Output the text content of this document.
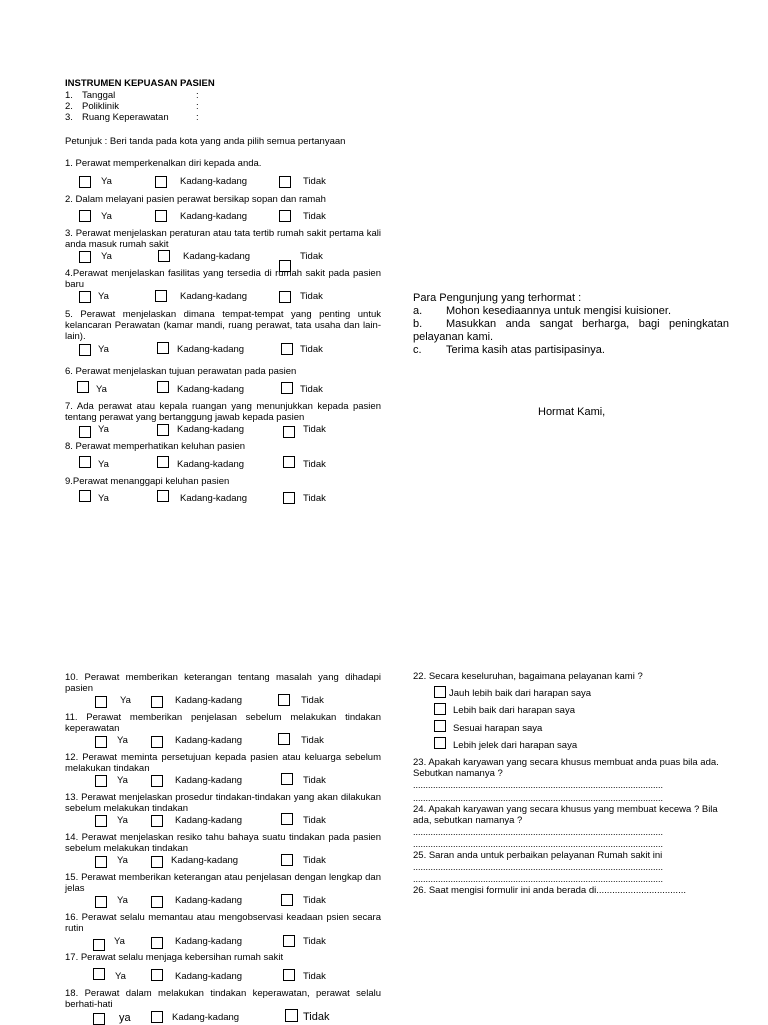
INSTRUMEN KEPUASAN PASIEN
1. Tanggal	:
2. Poliklinik	:
3. Ruang Keperawatan	:
Petunjuk : Beri tanda pada kota yang anda pilih semua pertanyaan
1. Perawat memperkenalkan diri kepada anda.
Ya	Kadang-kadang	Tidak
2. Dalam melayani pasien perawat bersikap sopan dan ramah
Ya	Kadang-kadang	Tidak
3. Perawat menjelaskan peraturan atau tata tertib rumah sakit pertama kali anda masuk rumah sakit
Ya	Kadang-kadang	Tidak
4.Perawat menjelaskan fasilitas yang tersedia di rumah sakit pada pasien baru
Ya	Kadang-kadang	Tidak
5. Perawat menjelaskan dimana tempat-tempat yang penting untuk kelancaran Perawatan (kamar mandi, ruang perawat, tata usaha dan lain-lain).
Ya	Kadang-kadang	Tidak
6. Perawat menjelaskan tujuan perawatan pada pasien
Ya	Kadang-kadang	Tidak
7. Ada perawat atau kepala ruangan yang menunjukkan kepada pasien tentang perawat yang bertanggung jawab kepada pasien
Ya	Kadang-kadang	Tidak
8. Perawat memperhatikan keluhan pasien
Ya	Kadang-kadang	Tidak
9.Perawat menanggapi keluhan pasien
Ya	Kadang-kadang	Tidak
Para Pengunjung yang terhormat :
a. Mohon kesediaannya untuk mengisi kuisioner.
b.	Masukkan anda sangat berharga, bagi peningkatan pelayanan kami.
c. Terima kasih atas partisipasinya.
Hormat Kami,
10. Perawat memberikan keterangan tentang masalah yang dihadapi pasien
Ya	Kadang-kadang	Tidak
11. Perawat memberikan penjelasan sebelum melakukan tindakan keperawatan
Ya	Kadang-kadang	Tidak
12. Perawat meminta persetujuan kepada pasien atau keluarga sebelum melakukan tindakan
Ya	Kadang-kadang	Tidak
13. Perawat menjelaskan prosedur tindakan-tindakan yang akan dilakukan sebelum melakukan tindakan
Ya	Kadang-kadang	Tidak
14. Perawat menjelaskan resiko tahu bahaya suatu tindakan pada pasien sebelum melakukan tindakan
Ya	Kadang-kadang	Tidak
15. Perawat memberikan keterangan atau penjelasan dengan lengkap dan jelas
Ya	Kadang-kadang	Tidak
16. Perawat selalu memantau atau mengobservasi keadaan psien secara rutin
Ya	Kadang-kadang	Tidak
17. Perawat selalu menjaga kebersihan rumah sakit
Ya	Kadang-kadang	Tidak
18. Perawat dalam melakukan tindakan keperawatan, perawat selalu berhati-hati
ya	Kadang-kadang	Tidak
22. Secara keseluruhan, bagaimana pelayanan kami ?
Jauh lebih baik dari harapan saya
Lebih baik dari harapan saya
Sesuai harapan saya
Lebih jelek dari harapan saya
23. Apakah karyawan yang secara khusus membuat anda puas bila ada. Sebutkan namanya ?
....................................................................................................
....................................................................................................
24. Apakah karyawan yang secara khusus yang membuat kecewa ? Bila ada, sebutkan namanya ?
....................................................................................................
....................................................................................................
25. Saran anda untuk perbaikan pelayanan Rumah sakit ini
....................................................................................................
....................................................................................................
26. Saat mengisi formulir ini anda berada di..................................
